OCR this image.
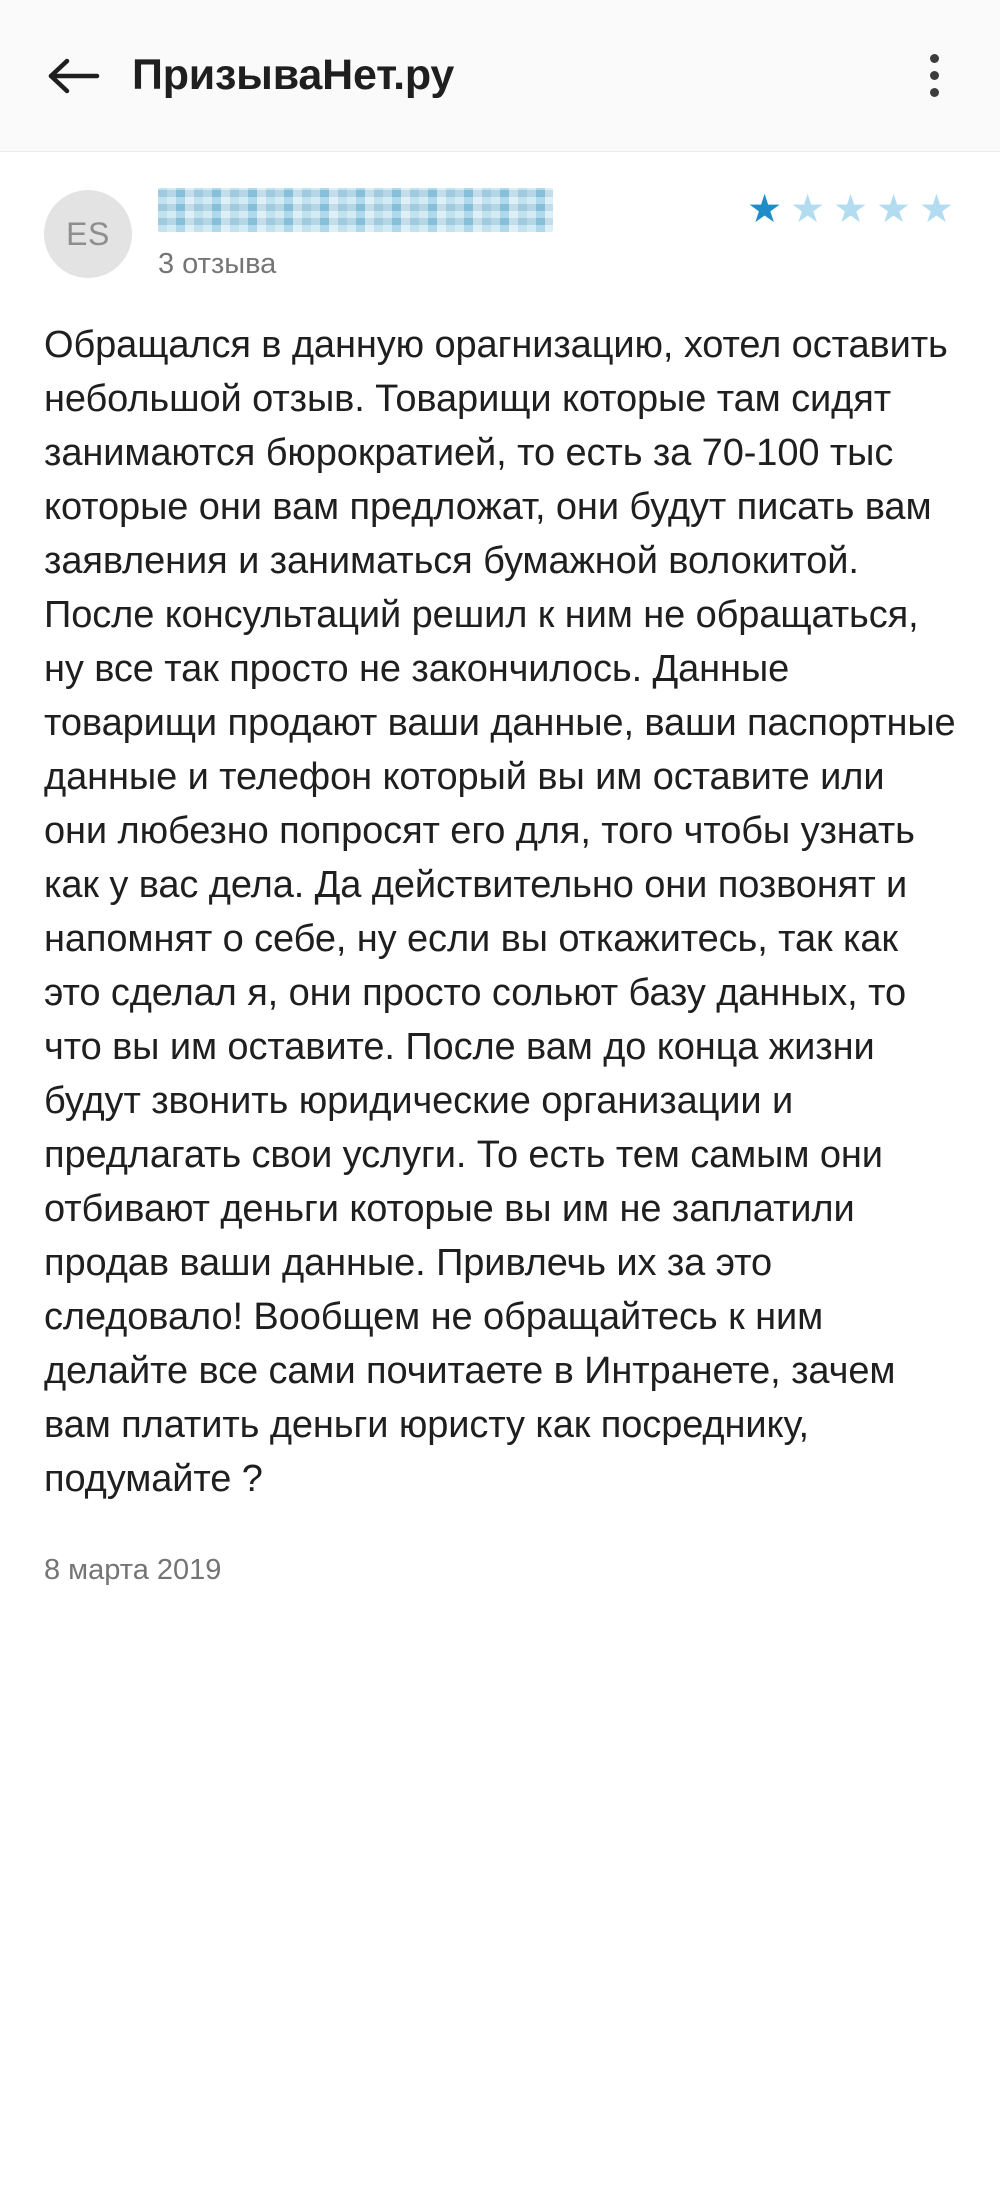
ПризываНет.ру
ES
★ ★ ★ ★ ★
3 отзыва

Обращался в данную орагнизацию, хотел оставить небольшой отзыв. Товарищи которые там сидят занимаются бюрократией, то есть за 70-100 тыс которые они вам предложат, они будут писать вам заявления и заниматься бумажной волокитой. После консультаций решил к ним не обращаться, ну все так просто не закончилось. Данные товарищи продают ваши данные, ваши паспортные данные и телефон который вы им оставите или они любезно попросят его для, того чтобы узнать как у вас дела. Да действительно они позвонят и напомнят о себе, ну если вы откажитесь, так как это сделал я, они просто сольют базу данных, то что вы им оставите. После вам до конца жизни будут звонить юридические организации и предлагать свои услуги. То есть тем самым они отбивают деньги которые вы им не заплатили продав ваши данные. Привлечь их за это следовало! Вообщем не обращайтесь к ним делайте все сами почитаете в Интранете, зачем вам платить деньги юристу как посреднику, подумайте ?

8 марта 2019
